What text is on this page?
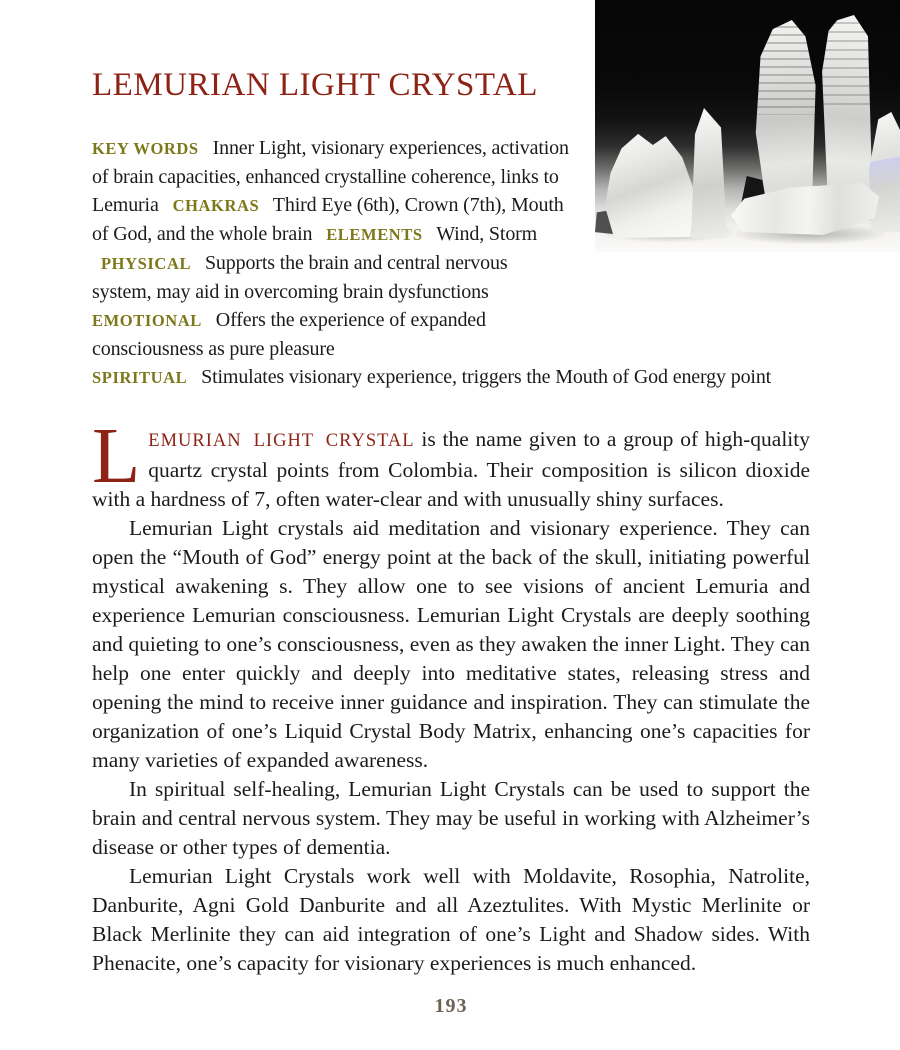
LEMURIAN LIGHT CRYSTAL

KEY WORDS Inner Light, visionary experiences, activation of brain capacities, enhanced crystalline coherence, links to Lemuria CHAKRAS Third Eye (6th), Crown (7th), Mouth of God, and the whole brain ELEMENTS Wind, Storm PHYSICAL Supports the brain and central nervous system, may aid in overcoming brain dysfunctions
EMOTIONAL Offers the experience of expanded consciousness as pure pleasure
SPIRITUAL Stimulates visionary experience, triggers the Mouth of God energy point

LEMURIAN LIGHT CRYSTAL is the name given to a group of high-quality quartz crystal points from Colombia. Their composition is silicon dioxide with a hardness of 7, often water-clear and with unusually shiny surfaces.

Lemurian Light crystals aid meditation and visionary experience. They can open the “Mouth of God” energy point at the back of the skull, initiating powerful mystical awakening s. They allow one to see visions of ancient Lemuria and experience Lemurian consciousness. Lemurian Light Crystals are deeply soothing and quieting to one’s consciousness, even as they awaken the inner Light. They can help one enter quickly and deeply into meditative states, releasing stress and opening the mind to receive inner guidance and inspiration. They can stimulate the organization of one’s Liquid Crystal Body Matrix, enhancing one’s capacities for many varieties of expanded awareness.

In spiritual self-healing, Lemurian Light Crystals can be used to support the brain and central nervous system. They may be useful in working with Alzheimer’s disease or other types of dementia.

Lemurian Light Crystals work well with Moldavite, Rosophia, Natrolite, Danburite, Agni Gold Danburite and all Azeztulites. With Mystic Merlinite or Black Merlinite they can aid integration of one’s Light and Shadow sides. With Phenacite, one’s capacity for visionary experiences is much enhanced.

193
